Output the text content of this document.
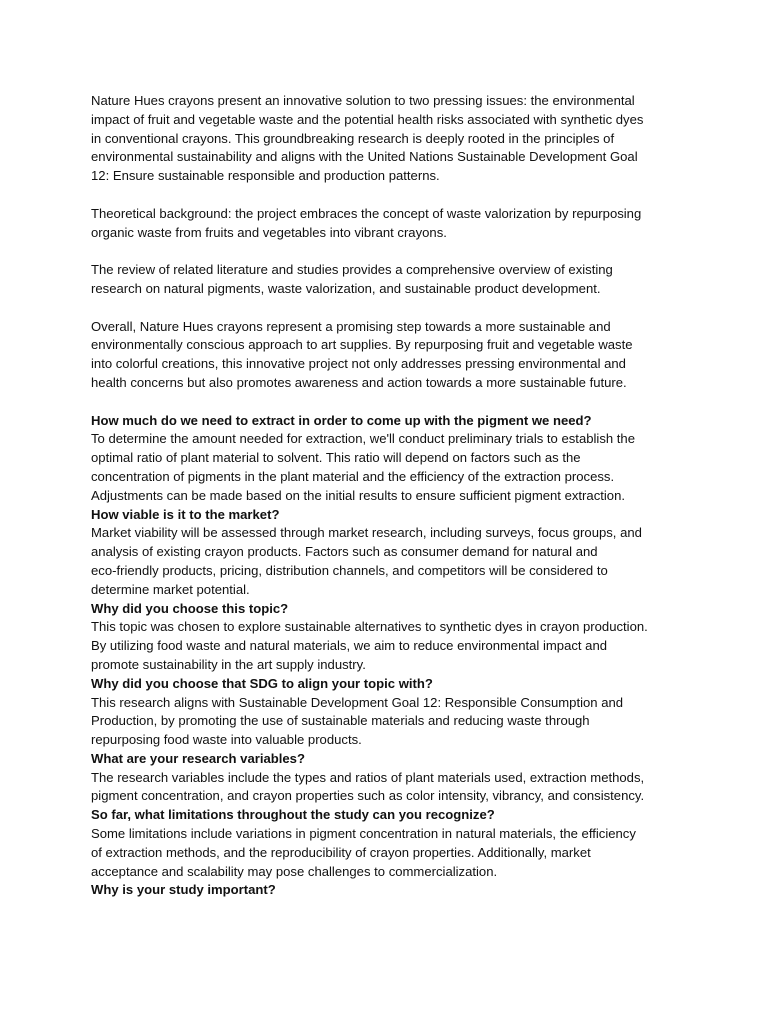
Nature Hues crayons present an innovative solution to two pressing issues: the environmental
impact of fruit and vegetable waste and the potential health risks associated with synthetic dyes
in conventional crayons. This groundbreaking research is deeply rooted in the principles of
environmental sustainability and aligns with the United Nations Sustainable Development Goal
12: Ensure sustainable responsible and production patterns.

Theoretical background: the project embraces the concept of waste valorization by repurposing
organic waste from fruits and vegetables into vibrant crayons.

The review of related literature and studies provides a comprehensive overview of existing
research on natural pigments, waste valorization, and sustainable product development.

Overall, Nature Hues crayons represent a promising step towards a more sustainable and
environmentally conscious approach to art supplies. By repurposing fruit and vegetable waste
into colorful creations, this innovative project not only addresses pressing environmental and
health concerns but also promotes awareness and action towards a more sustainable future.

How much do we need to extract in order to come up with the pigment we need?

To determine the amount needed for extraction, we'll conduct preliminary trials to establish the
optimal ratio of plant material to solvent. This ratio will depend on factors such as the
concentration of pigments in the plant material and the efficiency of the extraction process.
Adjustments can be made based on the initial results to ensure sufficient pigment extraction.

How viable is it to the market?

Market viability will be assessed through market research, including surveys, focus groups, and
analysis of existing crayon products. Factors such as consumer demand for natural and
eco-friendly products, pricing, distribution channels, and competitors will be considered to
determine market potential.

Why did you choose this topic?

This topic was chosen to explore sustainable alternatives to synthetic dyes in crayon production.
By utilizing food waste and natural materials, we aim to reduce environmental impact and
promote sustainability in the art supply industry.

Why did you choose that SDG to align your topic with?

This research aligns with Sustainable Development Goal 12: Responsible Consumption and
Production, by promoting the use of sustainable materials and reducing waste through
repurposing food waste into valuable products.

What are your research variables?

The research variables include the types and ratios of plant materials used, extraction methods,
pigment concentration, and crayon properties such as color intensity, vibrancy, and consistency.

So far, what limitations throughout the study can you recognize?

Some limitations include variations in pigment concentration in natural materials, the efficiency
of extraction methods, and the reproducibility of crayon properties. Additionally, market
acceptance and scalability may pose challenges to commercialization.

Why is your study important?
